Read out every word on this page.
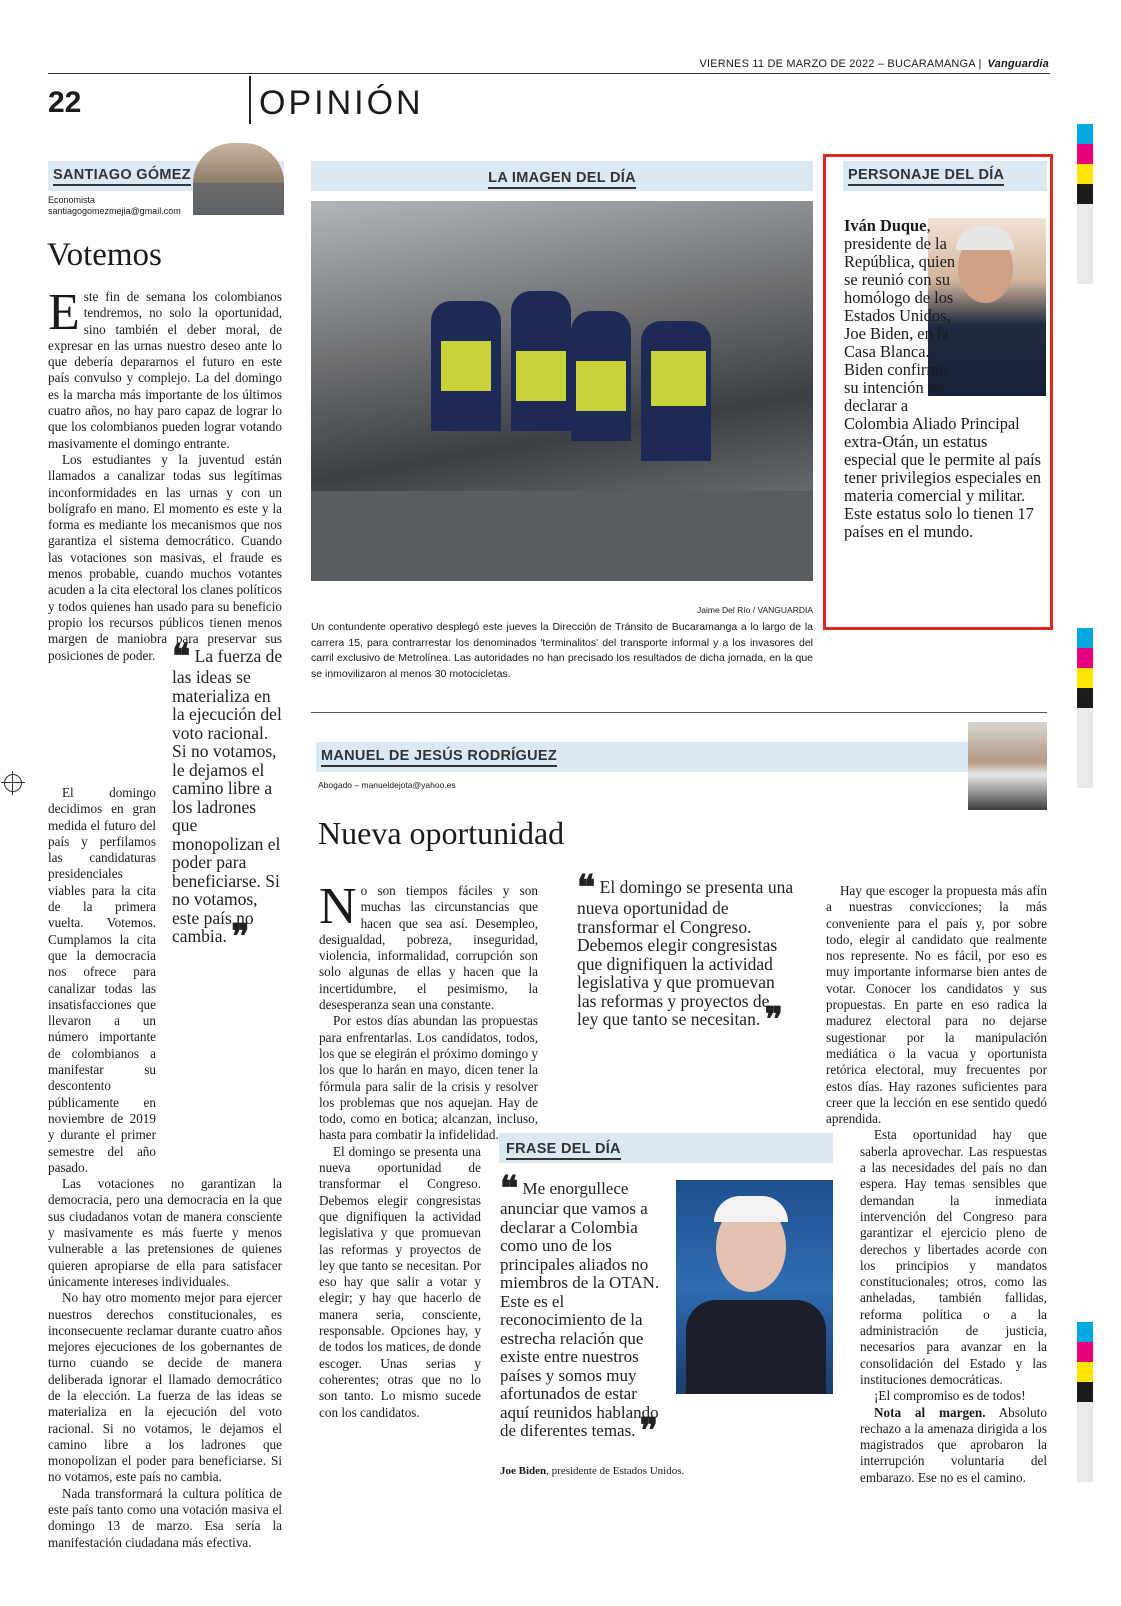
VIERNES 11 DE MARZO DE 2022 – BUCARAMANGA | Vanguardia
22	OPINIÓN
SANTIAGO GÓMEZ
Economista
santiagogomezmejia@gmail.com
Votemos

Este fin de semana los colombianos tendremos, no solo la oportunidad, sino también el deber moral, de expresar en las urnas nuestro deseo ante lo que debería depararnos el futuro en este país convulso y complejo. La del domingo es la marcha más importante de los últimos cuatro años, no hay paro capaz de lograr lo que los colombianos pueden lograr votando masivamente el domingo entrante.

Los estudiantes y la juventud están llamados a canalizar todas sus legítimas inconformidades en las urnas y con un bolígrafo en mano. El momento es este y la forma es mediante los mecanismos que nos garantiza el sistema democrático. Cuando las votaciones son masivas, el fraude es menos probable, cuando muchos votantes acuden a la cita electoral los clanes políticos y todos quienes han usado para su beneficio propio los recursos públicos tienen menos margen de maniobra para preservar sus posiciones de poder. ❝ La fuerza de las ideas se materializa en la ejecución del voto racional. Si no votamos, le dejamos el camino libre a los ladrones que monopolizan el poder para beneficiarse. Si no votamos, este país no cambia. ❞

El domingo decidimos en gran medida el futuro del país y perfilamos las candidaturas presidenciales viables para la cita de la primera vuelta. Votemos. Cumplamos la cita que la democracia nos ofrece para canalizar todas las insatisfacciones que llevaron a un número importante de colombianos a manifestar su descontento públicamente en noviembre de 2019 y durante el primer semestre del año pasado.

Las votaciones no garantizan la democracia, pero una democracia en la que sus ciudadanos votan de manera consciente y masivamente es más fuerte y menos vulnerable a las pretensiones de quienes quieren apropiarse de ella para satisfacer únicamente intereses individuales.

No hay otro momento mejor para ejercer nuestros derechos constitucionales, es inconsecuente reclamar durante cuatro años mejores ejecuciones de los gobernantes de turno cuando se decide de manera deliberada ignorar el llamado democrático de la elección. La fuerza de las ideas se materializa en la ejecución del voto racional. Si no votamos, le dejamos el camino libre a los ladrones que monopolizan el poder para beneficiarse. Si no votamos, este país no cambia.

Nada transformará la cultura política de este país tanto como una votación masiva el domingo 13 de marzo. Esa sería la manifestación ciudadana más efectiva.

LA IMAGEN DEL DÍA
Jaime Del Río / VANGUARDIA
Un contundente operativo desplegó este jueves la Dirección de Tránsito de Bucaramanga a lo largo de la carrera 15, para contrarrestar los denominados 'terminalitos' del transporte informal y a los invasores del carril exclusivo de Metrolínea. Las autoridades no han precisado los resultados de dicha jornada, en la que se inmovilizaron al menos 30 motocicletas.
PERSONAJE DEL DÍA
Iván Duque, presidente de la República, quien se reunió con su homólogo de los Estados Unidos, Joe Biden, en la Casa Blanca. Biden confirmó su intención de declarar a Colombia Aliado Principal extra-Otán, un estatus especial que le permite al país tener privilegios especiales en materia comercial y militar. Este estatus solo lo tienen 17 países en el mundo.
MANUEL DE JESÚS RODRÍGUEZ
Abogado – manueldejota@yahoo.es
Nueva oportunidad

No son tiempos fáciles y son muchas las circunstancias que hacen que sea así. Desempleo, desigualdad, pobreza, inseguridad, violencia, informalidad, corrupción son solo algunas de ellas y hacen que la incertidumbre, el pesimismo, la desesperanza sean una constante.

Por estos días abundan las propuestas para enfrentarlas. Los candidatos, todos, los que se elegirán el próximo domingo y los que lo harán en mayo, dicen tener la fórmula para salir de la crisis y resolver los problemas que nos aquejan. Hay de todo, como en botica; alcanzan, incluso, hasta para combatir la infidelidad.

El domingo se presenta una nueva oportunidad de transformar el Congreso. Debemos elegir congresistas que dignifiquen la actividad legislativa y que promuevan las reformas y proyectos de ley que tanto se necesitan. Por eso hay que salir a votar y elegir; y hay que hacerlo de manera seria, consciente, responsable. Opciones hay, y de todos los matices, de donde escoger. Unas serias y coherentes; otras que no lo son tanto. Lo mismo sucede con los candidatos.

❝ El domingo se presenta una nueva oportunidad de transformar el Congreso. Debemos elegir congresistas que dignifiquen la actividad legislativa y que promuevan las reformas y proyectos de ley que tanto se necesitan. ❞

Hay que escoger la propuesta más afín a nuestras convicciones; la más conveniente para el país y, por sobre todo, elegir al candidato que realmente nos represente. No es fácil, por eso es muy importante informarse bien antes de votar. Conocer los candidatos y sus propuestas. En parte en eso radica la madurez electoral para no dejarse sugestionar por la manipulación mediática o la vacua y oportunista retórica electoral, muy frecuentes por estos días. Hay razones suficientes para creer que la lección en ese sentido quedó aprendida.

Esta oportunidad hay que saberla aprovechar. Las respuestas a las necesidades del país no dan espera. Hay temas sensibles que demandan la inmediata intervención del Congreso para garantizar el ejercicio pleno de derechos y libertades acorde con los principios y mandatos constitucionales; otros, como las anheladas, también fallidas, reforma política o a la administración de justicia, necesarios para avanzar en la consolidación del Estado y las instituciones democráticas.

¡El compromiso es de todos!

Nota al margen. Absoluto rechazo a la amenaza dirigida a los magistrados que aprobaron la interrupción voluntaria del embarazo. Ese no es el camino.

FRASE DEL DÍA
❝ Me enorgullece anunciar que vamos a declarar a Colombia como uno de los principales aliados no miembros de la OTAN. Este es el reconocimiento de la estrecha relación que existe entre nuestros países y somos muy afortunados de estar aquí reunidos hablando de diferentes temas. ❞
Joe Biden, presidente de Estados Unidos.
